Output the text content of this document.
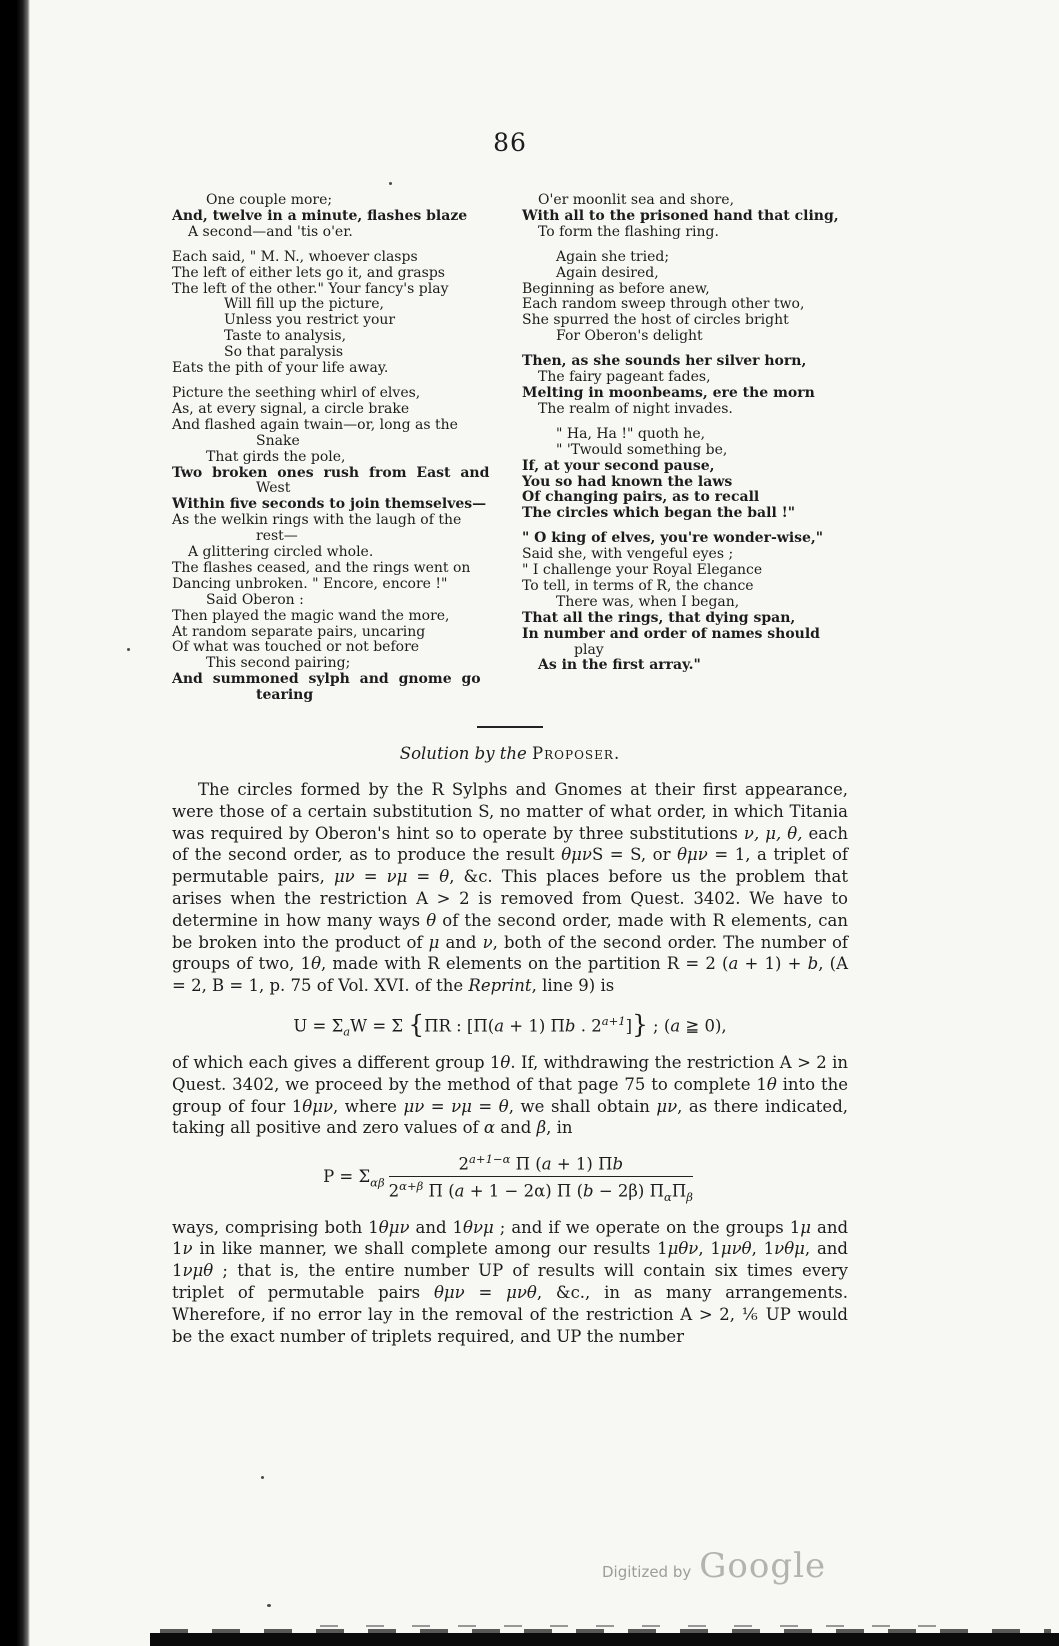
86
One couple more;
And, twelve in a minute, flashes blaze
A second—and 'tis o'er.
Each said, " M. N., whoever clasps
The left of either lets go it, and grasps
The left of the other." Your fancy's play
Will fill up the picture,
Unless you restrict your
Taste to analysis,
So that paralysis
Eats the pith of your life away.
Picture the seething whirl of elves,
As, at every signal, a circle brake
And flashed again twain—or, long as the
Snake
That girds the pole,
Two broken ones rush from East and
West
Within five seconds to join themselves—
As the welkin rings with the laugh of the
rest—
A glittering circled whole.
The flashes ceased, and the rings went on
Dancing unbroken. " Encore, encore !"
Said Oberon :
Then played the magic wand the more,
At random separate pairs, uncaring
Of what was touched or not before
This second pairing;
And summoned sylph and gnome go
tearing
O'er moonlit sea and shore,
With all to the prisoned hand that cling,
To form the flashing ring.
Again she tried;
Again desired,
Beginning as before anew,
Each random sweep through other two,
She spurred the host of circles bright
For Oberon's delight
Then, as she sounds her silver horn,
The fairy pageant fades,
Melting in moonbeams, ere the morn
The realm of night invades.
" Ha, Ha !" quoth he,
" 'Twould something be,
If, at your second pause,
You so had known the laws
Of changing pairs, as to recall
The circles which began the ball !"
" O king of elves, you're wonder-wise,"
Said she, with vengeful eyes ;
" I challenge your Royal Elegance
To tell, in terms of R, the chance
There was, when I began,
That all the rings, that dying span,
In number and order of names should
play
As in the first array."
Solution by the Proposer.

The circles formed by the R Sylphs and Gnomes at their first appearance, were those of a certain substitution S, no matter of what order, in which Titania was required by Oberon's hint so to operate by three substitutions ν, μ, θ, each of the second order, as to produce the result θμνS = S, or θμν = 1, a triplet of permutable pairs, μν = νμ = θ, &c. This places before us the problem that arises when the restriction A > 2 is removed from Quest. 3402. We have to determine in how many ways θ of the second order, made with R elements, can be broken into the product of μ and ν, both of the second order. The number of groups of two, 1θ, made with R elements on the partition R = 2 (a + 1) + b, (A = 2, B = 1, p. 75 of Vol. XVI. of the Reprint, line 9) is

$U = \Sigma_aW = \Sigma$ {ΠR : [Π(a + 1) Πb . $2^{a+1}$]} ; (a ≧ 0),

of which each gives a different group 1θ. If, withdrawing the restriction A > 2 in Quest. 3402, we proceed by the method of that page 75 to complete 1θ into the group of four 1θμν, where μν = νμ = θ, we shall obtain μν, as there indicated, taking all positive and zero values of α and β, in

$P = \Sigma_{\alpha\beta} \frac{2^{a+1-\alpha} \Pi (a + 1) \Pi b}{2^{\alpha+\beta} \Pi (a + 1 - 2\alpha) \Pi (b - 2\beta) \Pi_\alpha\Pi_\beta}$

ways, comprising both 1θμν and 1θνμ ; and if we operate on the groups 1μ and 1ν in like manner, we shall complete among our results 1μθν, 1μνθ, 1νθμ, and 1νμθ ; that is, the entire number UP of results will contain six times every triplet of permutable pairs θμν = μνθ, &c., in as many arrangements. Wherefore, if no error lay in the removal of the restriction A > 2, ⅙ UP would be the exact number of triplets required, and UP the number

Digitized by Google
